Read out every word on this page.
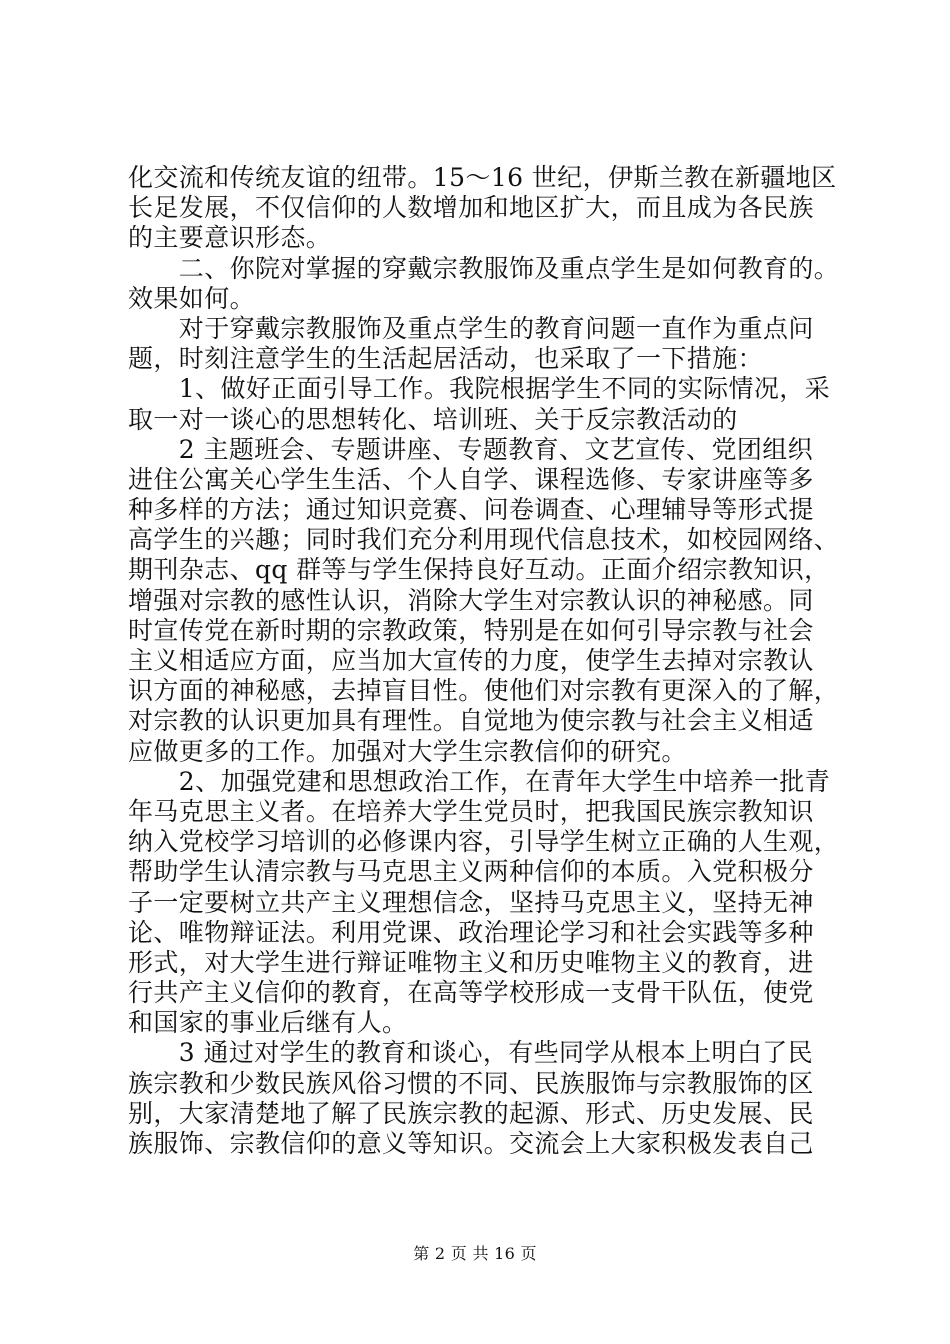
化交流和传统友谊的纽带。15～16 世纪，伊斯兰教在新疆地区
长足发展，不仅信仰的人数增加和地区扩大，而且成为各民族
的主要意识形态。
　　二、你院对掌握的穿戴宗教服饰及重点学生是如何教育的。
效果如何。
　　对于穿戴宗教服饰及重点学生的教育问题一直作为重点问
题，时刻注意学生的生活起居活动，也采取了一下措施：
　　1、做好正面引导工作。我院根据学生不同的实际情况，采
取一对一谈心的思想转化、培训班、关于反宗教活动的
　　2 主题班会、专题讲座、专题教育、文艺宣传、党团组织
进住公寓关心学生生活、个人自学、课程选修、专家讲座等多
种多样的方法；通过知识竞赛、问卷调查、心理辅导等形式提
高学生的兴趣；同时我们充分利用现代信息技术，如校园网络、
期刊杂志、qq 群等与学生保持良好互动。正面介绍宗教知识，
增强对宗教的感性认识，消除大学生对宗教认识的神秘感。同
时宣传党在新时期的宗教政策，特别是在如何引导宗教与社会
主义相适应方面，应当加大宣传的力度，使学生去掉对宗教认
识方面的神秘感，去掉盲目性。使他们对宗教有更深入的了解，
对宗教的认识更加具有理性。自觉地为使宗教与社会主义相适
应做更多的工作。加强对大学生宗教信仰的研究。
　　2、加强党建和思想政治工作，在青年大学生中培养一批青
年马克思主义者。在培养大学生党员时，把我国民族宗教知识
纳入党校学习培训的必修课内容，引导学生树立正确的人生观，
帮助学生认清宗教与马克思主义两种信仰的本质。入党积极分
子一定要树立共产主义理想信念，坚持马克思主义，坚持无神
论、唯物辩证法。利用党课、政治理论学习和社会实践等多种
形式，对大学生进行辩证唯物主义和历史唯物主义的教育，进
行共产主义信仰的教育，在高等学校形成一支骨干队伍，使党
和国家的事业后继有人。
　　3 通过对学生的教育和谈心，有些同学从根本上明白了民
族宗教和少数民族风俗习惯的不同、民族服饰与宗教服饰的区
别，大家清楚地了解了民族宗教的起源、形式、历史发展、民
族服饰、宗教信仰的意义等知识。交流会上大家积极发表自己
第 2 页 共 16 页
